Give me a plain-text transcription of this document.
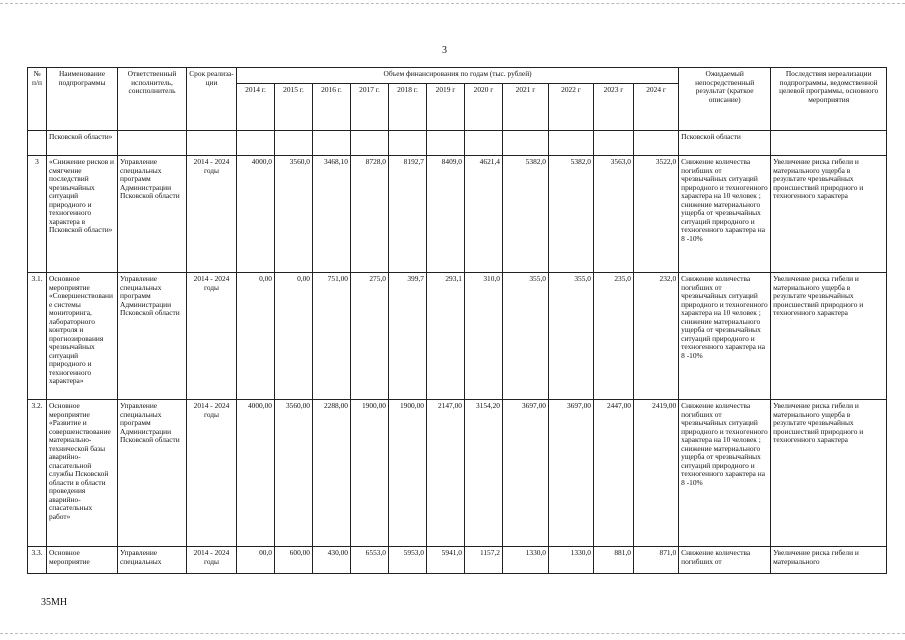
3
№ п/п	Наименование подпрограммы	Ответственный исполнитель, соисполнитель	Срок реализа-ции	Объем финансирования по годам (тыс. рублей)											Ожидаемый непосредственный результат (краткое описание)	Последствия нереализации подпрограммы, ведомственной целевой программы, основного мероприятия
				2014 г.	2015 г.	2016 г.	2017 г.	2018 г.	2019 г	2020 г	2021 г	2022 г	2023 г	2024 г		
	Псковской области»														Псковской области	
3	«Снижение рисков и смягчение последствий чрезвычайных ситуаций природного и техногенного характера в Псковской области»	Управление специальных программ Администрации Псковской области	2014 - 2024 годы	4000,0	3560,0	3468,10	8728,0	8192,7	8409,0	4621,4	5382,0	5382,0	3563,0	3522,0	Снижение количества погибших от чрезвычайных ситуаций природного и техногенного характера на 10 человек ; снижение материального ущерба от чрезвычайных ситуаций природного и техногенного характера на 8 -10%	Увеличение риска гибели и материального ущерба в результате чрезвычайных происшествий природного и техногенного характера
3.1.	Основное мероприятие «Совершенствование системы мониторинга, лабораторного контроля и прогнозирования чрезвычайных ситуаций природного и техногенного характера»	Управление специальных программ Администрации Псковской области	2014 - 2024 годы	0,00	0,00	751,00	275,0	399,7	293,1	310,0	355,0	355,0	235,0	232,0	Снижение количества погибших от чрезвычайных ситуаций природного и техногенного характера на 10 человек ; снижение материального ущерба от чрезвычайных ситуаций природного и техногенного характера на 8 -10%	Увеличение риска гибели и материального ущерба в результате чрезвычайных происшествий природного и техногенного характера
3.2.	Основное мероприятие «Развитие и совершенствование материально-технической базы аварийно-спасательной службы Псковской области в области проведения аварийно-спасательных работ»	Управление специальных программ Администрации Псковской области	2014 - 2024 годы	4000,00	3560,00	2288,00	1900,00	1900,00	2147,00	3154,20	3697,00	3697,00	2447,00	2419,00	Снижение количества погибших от чрезвычайных ситуаций природного и техногенного характера на 10 человек ; снижение материального ущерба от чрезвычайных ситуаций природного и техногенного характера на 8 -10%	Увеличение риска гибели и материального ущерба в результате чрезвычайных происшествий природного и техногенного характера
3.3.	Основное мероприятие	Управление специальных	2014 - 2024 годы	00,0	600,00	430,00	6553,0	5953,0	5941,0	1157,2	1330,0	1330,0	881,0	871,0	Снижение количества погибших от	Увеличение риска гибели и материального
35МН
